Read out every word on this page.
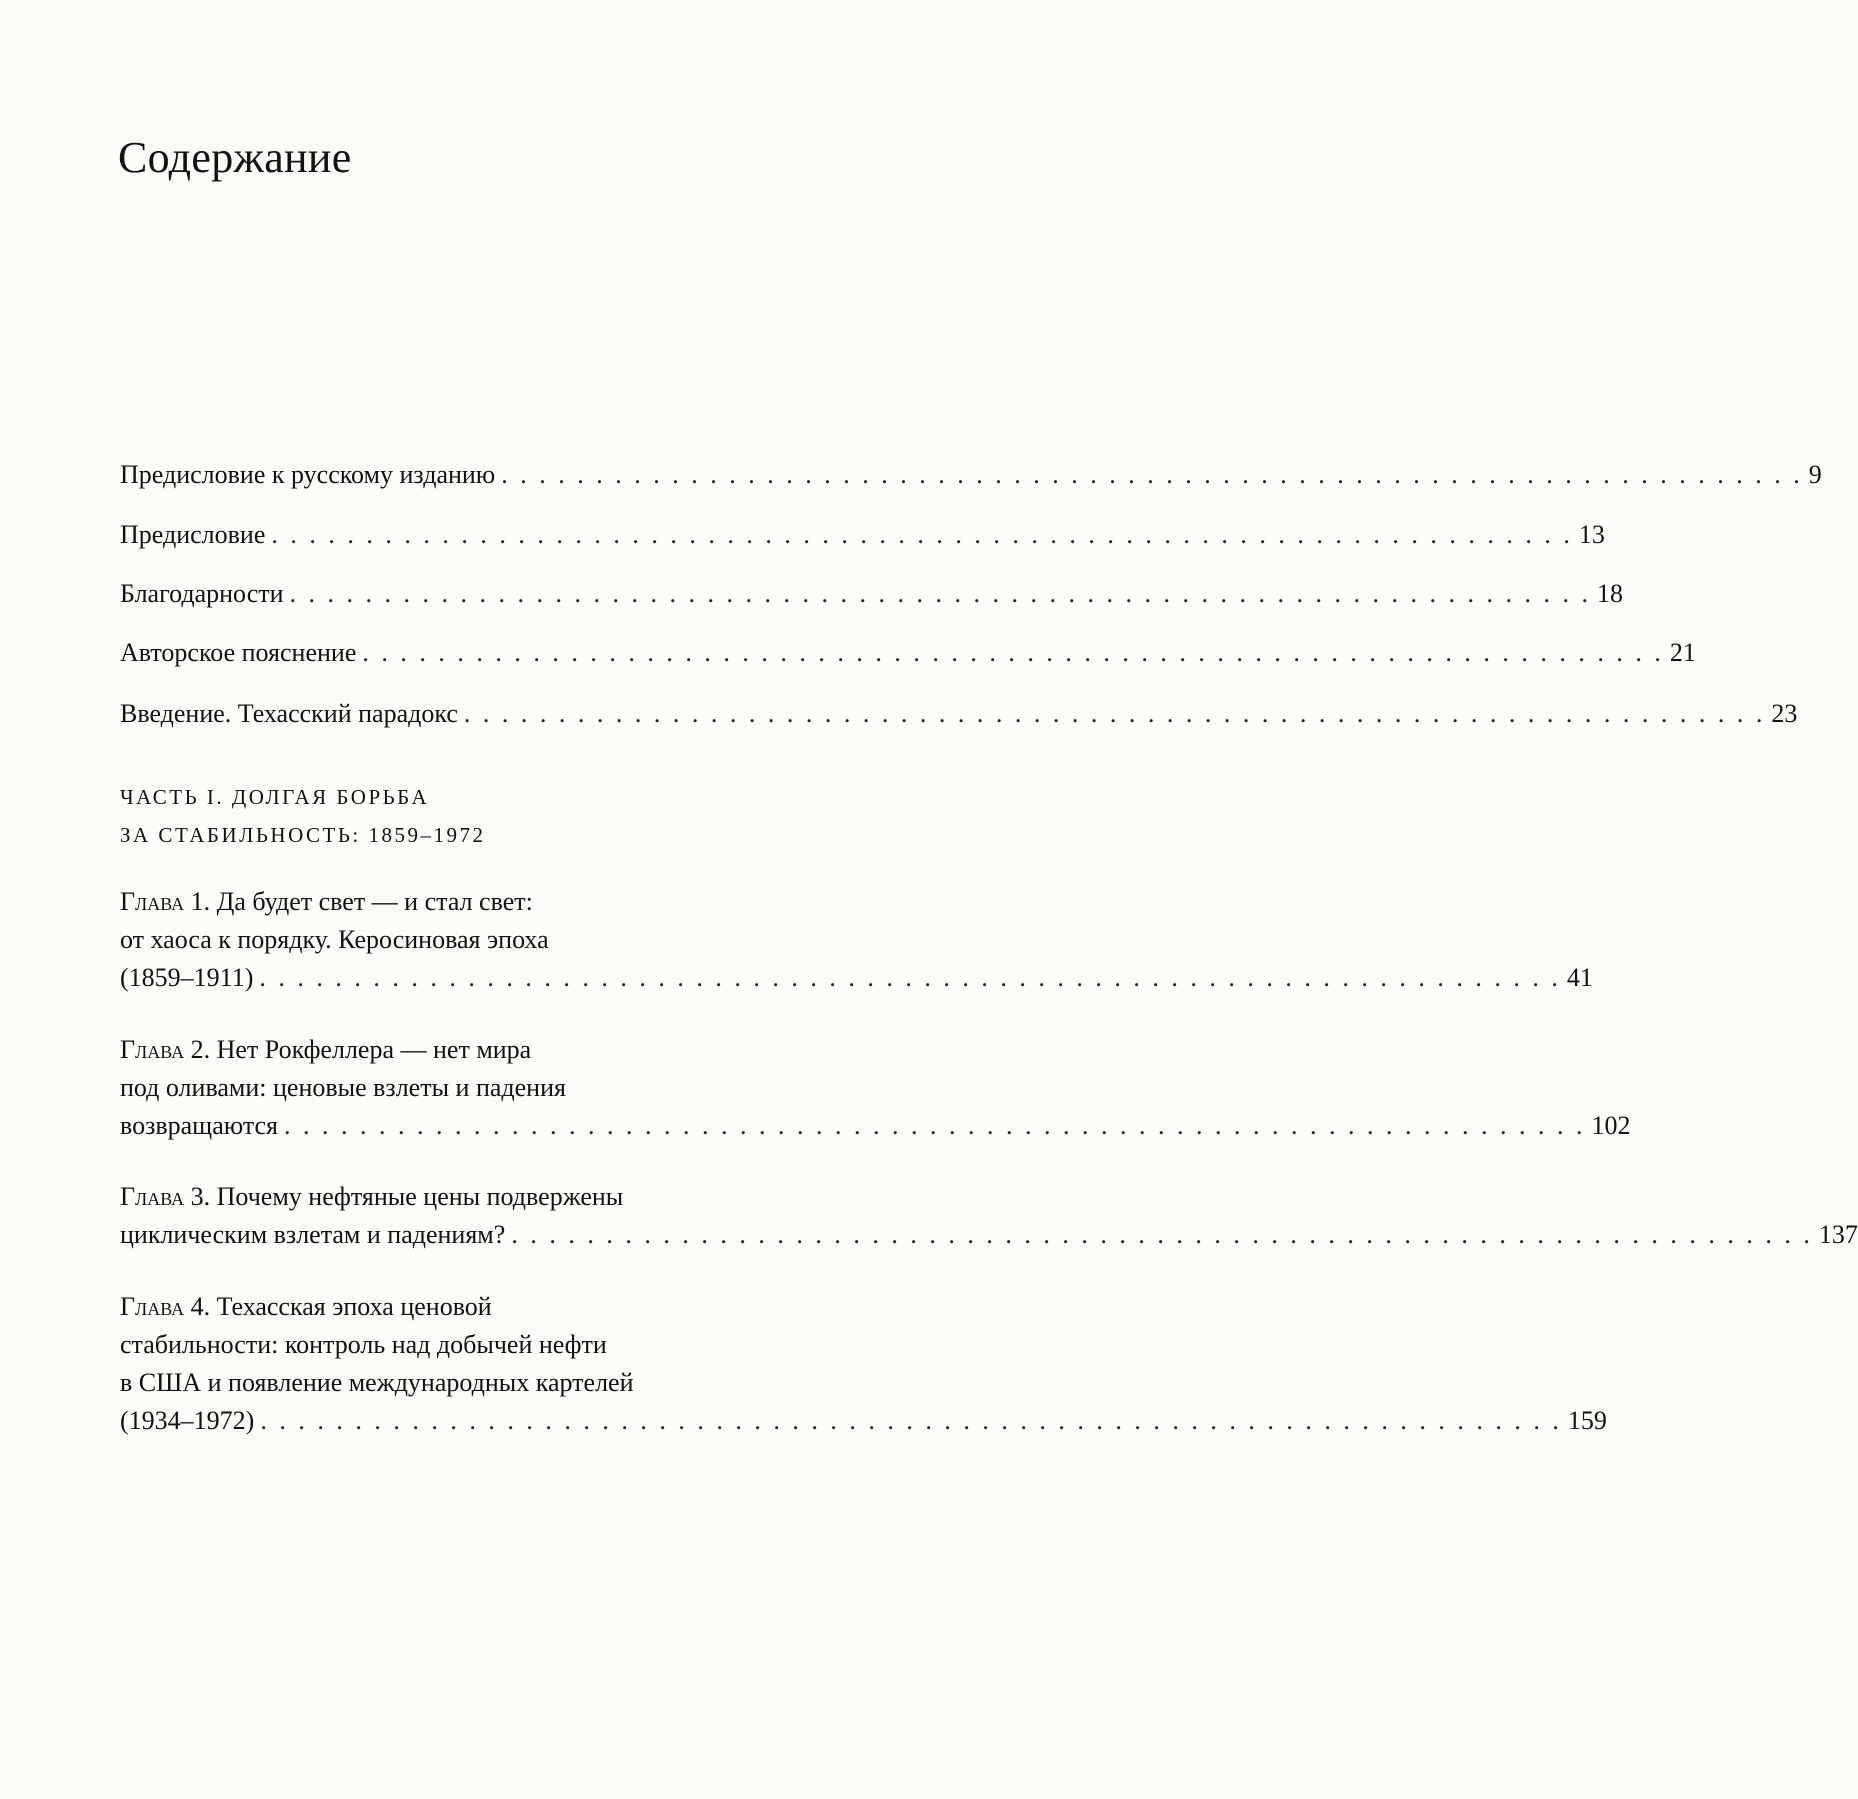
Содержание
Предисловие к русскому изданию . . . . . . . . . . . . . . . . . . . . . . . . . . . . . . . . . . . . . . . . . . . . . . . . . . . . . . . . . . . . . . . . . . . . . 9
Предисловие . . . . . . . . . . . . . . . . . . . . . . . . . . . . . . . . . . . . . . . . . . . . . . . . . . . . . . . . . . . . . . . . . . . . . 13
Благодарности . . . . . . . . . . . . . . . . . . . . . . . . . . . . . . . . . . . . . . . . . . . . . . . . . . . . . . . . . . . . . . . . . . . . . 18
Авторское пояснение . . . . . . . . . . . . . . . . . . . . . . . . . . . . . . . . . . . . . . . . . . . . . . . . . . . . . . . . . . . . . . . . . . . . . 21
Введение. Техасский парадокс . . . . . . . . . . . . . . . . . . . . . . . . . . . . . . . . . . . . . . . . . . . . . . . . . . . . . . . . . . . . . . . . . . . . . 23
ЧАСТЬ I. ДОЛГАЯ БОРЬБА
ЗА СТАБИЛЬНОСТЬ: 1859–1972
Глава 1. Да будет свет — и стал свет:
от хаоса к порядку. Керосиновая эпоха
(1859–1911) . . . . . . . . . . . . . . . . . . . . . . . . . . . . . . . . . . . . . . . . . . . . . . . . . . . . . . . . . . . . . . . . . . . . . 41
Глава 2. Нет Рокфеллера — нет мира
под оливами: ценовые взлеты и падения
возвращаются . . . . . . . . . . . . . . . . . . . . . . . . . . . . . . . . . . . . . . . . . . . . . . . . . . . . . . . . . . . . . . . . . . . . . 102
Глава 3. Почему нефтяные цены подвержены
циклическим взлетам и падениям? . . . . . . . . . . . . . . . . . . . . . . . . . . . . . . . . . . . . . . . . . . . . . . . . . . . . . . . . . . . . . . . . . . . . . 137
Глава 4. Техасская эпоха ценовой
стабильности: контроль над добычей нефти
в США и появление международных картелей
(1934–1972) . . . . . . . . . . . . . . . . . . . . . . . . . . . . . . . . . . . . . . . . . . . . . . . . . . . . . . . . . . . . . . . . . . . . . 159
